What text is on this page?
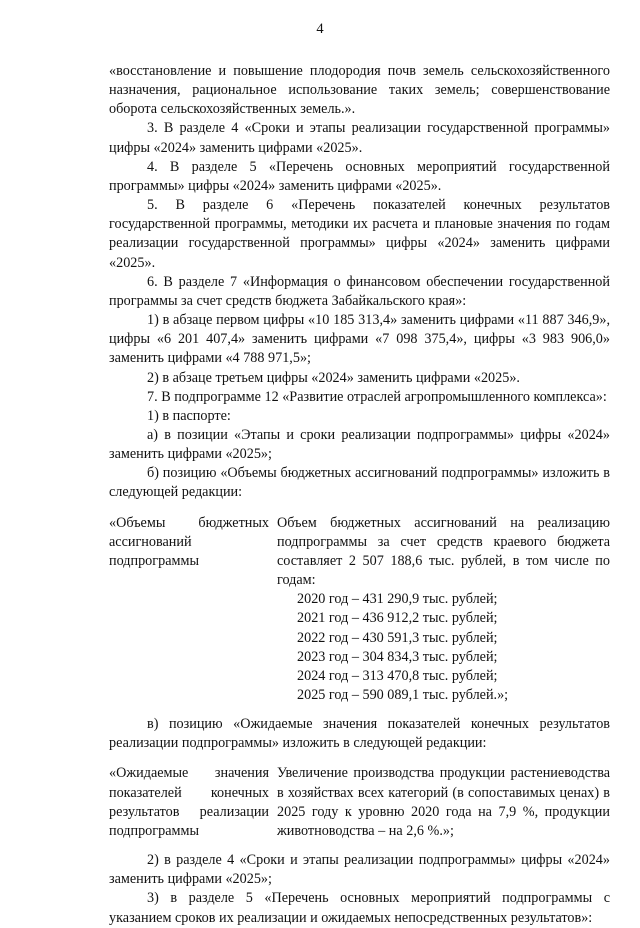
4

«восстановление и повышение плодородия почв земель сельскохозяйственного назначения, рациональное использование таких земель; совершенствование оборота сельскохозяйственных земель.».

3. В разделе 4 «Сроки и этапы реализации государственной программы» цифры «2024» заменить цифрами «2025».

4. В разделе 5 «Перечень основных мероприятий государственной программы» цифры «2024» заменить цифрами «2025».

5. В разделе 6 «Перечень показателей конечных результатов государственной программы, методики их расчета и плановые значения по годам реализации государственной программы» цифры «2024» заменить цифрами «2025».

6. В разделе 7 «Информация о финансовом обеспечении государственной программы за счет средств бюджета Забайкальского края»:

1) в абзаце первом цифры «10 185 313,4» заменить цифрами «11 887 346,9», цифры «6 201 407,4» заменить цифрами «7 098 375,4», цифры «3 983 906,0» заменить цифрами «4 788 971,5»;

2) в абзаце третьем цифры «2024» заменить цифрами «2025».

7. В подпрограмме 12 «Развитие отраслей агропромышленного комплекса»:

1) в паспорте:

а) в позиции «Этапы и сроки реализации подпрограммы» цифры «2024» заменить цифрами «2025»;

б) позицию «Объемы бюджетных ассигнований подпрограммы» изложить в следующей редакции:

«Объемы бюджетных ассигнований подпрограммы
Объем бюджетных ассигнований на реализацию подпрограммы за счет средств краевого бюджета составляет 2 507 188,6 тыс. рублей, в том числе по годам:
2020 год – 431 290,9 тыс. рублей;
2021 год – 436 912,2 тыс. рублей;
2022 год – 430 591,3 тыс. рублей;
2023 год – 304 834,3 тыс. рублей;
2024 год – 313 470,8 тыс. рублей;
2025 год – 590 089,1 тыс. рублей.»;

в) позицию «Ожидаемые значения показателей конечных результатов реализации подпрограммы» изложить в следующей редакции:

«Ожидаемые значения показателей конечных результатов реализации подпрограммы
Увеличение производства продукции растениеводства в хозяйствах всех категорий (в сопоставимых ценах) в 2025 году к уровню 2020 года на 7,9 %, продукции животноводства – на 2,6 %.»;

2) в разделе 4 «Сроки и этапы реализации подпрограммы» цифры «2024» заменить цифрами «2025»;

3) в разделе 5 «Перечень основных мероприятий подпрограммы с указанием сроков их реализации и ожидаемых непосредственных результатов»:
